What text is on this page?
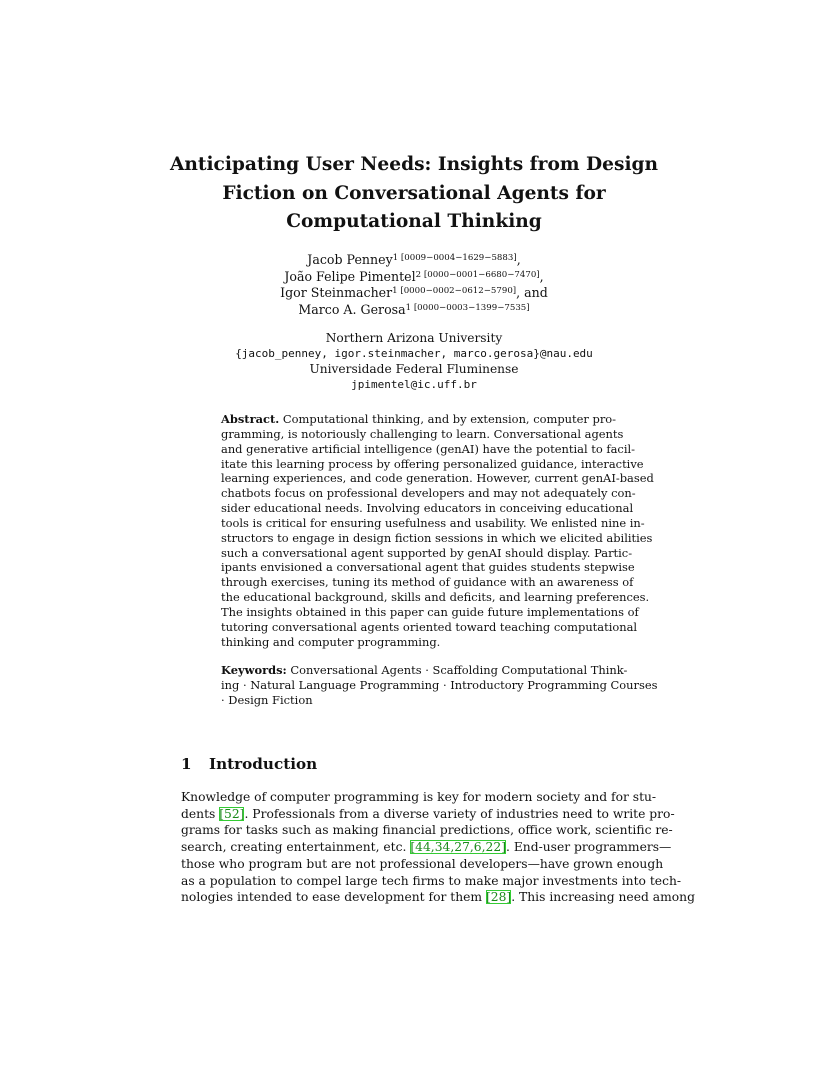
Anticipating User Needs: Insights from Design
Fiction on Conversational Agents for
Computational Thinking
Jacob Penney$^{1 [0009-0004-1629-5883]}$,
João Felipe Pimentel$^{2 [0000-0001-6680-7470]}$,
Igor Steinmacher$^{1 [0000-0002-0612-5790]}$, and
Marco A. Gerosa$^{1 [0000-0003-1399-7535]}$
Northern Arizona University
{jacob_penney, igor.steinmacher, marco.gerosa}@nau.edu
Universidade Federal Fluminense
jpimentel@ic.uff.br
Abstract. Computational thinking, and by extension, computer pro-
gramming, is notoriously challenging to learn. Conversational agents
and generative artificial intelligence (genAI) have the potential to facil-
itate this learning process by offering personalized guidance, interactive
learning experiences, and code generation. However, current genAI-based
chatbots focus on professional developers and may not adequately con-
sider educational needs. Involving educators in conceiving educational
tools is critical for ensuring usefulness and usability. We enlisted nine in-
structors to engage in design fiction sessions in which we elicited abilities
such a conversational agent supported by genAI should display. Partic-
ipants envisioned a conversational agent that guides students stepwise
through exercises, tuning its method of guidance with an awareness of
the educational background, skills and deficits, and learning preferences.
The insights obtained in this paper can guide future implementations of
tutoring conversational agents oriented toward teaching computational
thinking and computer programming.
Keywords: Conversational Agents · Scaffolding Computational Think-
ing · Natural Language Programming · Introductory Programming Courses
· Design Fiction
1 Introduction
Knowledge of computer programming is key for modern society and for stu-
dents [52]. Professionals from a diverse variety of industries need to write pro-
grams for tasks such as making financial predictions, office work, scientific re-
search, creating entertainment, etc. [44,34,27,6,22]. End-user programmers—
those who program but are not professional developers—have grown enough
as a population to compel large tech firms to make major investments into tech-
nologies intended to ease development for them [28]. This increasing need among
